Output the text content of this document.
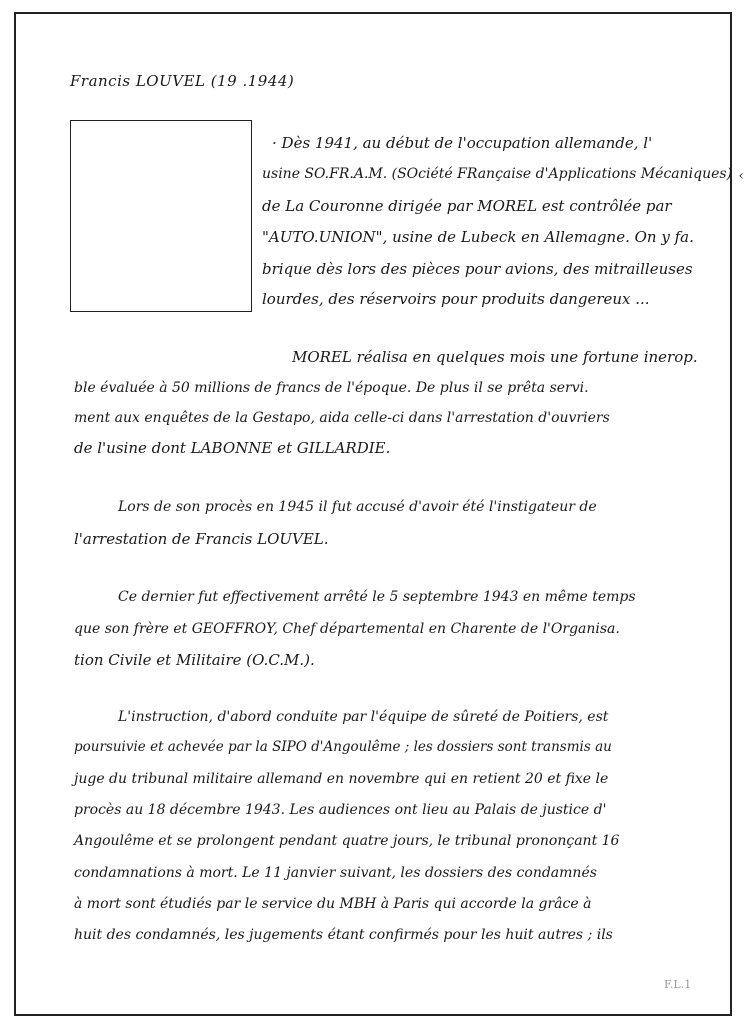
‹
Francis LOUVEL (19 .1944)
· Dès 1941, au début de l'occupation allemande, l'
usine SO.FR.A.M. (SOciété FRançaise d'Applications Mécaniques)
de La Couronne dirigée par MOREL est contrôlée par
"AUTO.UNION", usine de Lubeck en Allemagne. On y fa.
brique dès lors des pièces pour avions, des mitrailleuses
lourdes, des réservoirs pour produits dangereux ...
MOREL réalisa en quelques mois une fortune inerop.
ble évaluée à 50 millions de francs de l'époque. De plus il se prêta servi.
ment aux enquêtes de la Gestapo, aida celle-ci dans l'arrestation d'ouvriers
de l'usine dont LABONNE et GILLARDIE.
Lors de son procès en 1945 il fut accusé d'avoir été l'instigateur de
l'arrestation de Francis LOUVEL.
Ce dernier fut effectivement arrêté le 5 septembre 1943 en même temps
que son frère et GEOFFROY, Chef départemental en Charente de l'Organisa.
tion Civile et Militaire (O.C.M.).
L'instruction, d'abord conduite par l'équipe de sûreté de Poitiers, est
poursuivie et achevée par la SIPO d'Angoulême ; les dossiers sont transmis au
juge du tribunal militaire allemand en novembre qui en retient 20 et fixe le
procès au 18 décembre 1943. Les audiences ont lieu au Palais de justice d'
Angoulême et se prolongent pendant quatre jours, le tribunal prononçant 16
condamnations à mort. Le 11 janvier suivant, les dossiers des condamnés
à mort sont étudiés par le service du MBH à Paris qui accorde la grâce à
huit des condamnés, les jugements étant confirmés pour les huit autres ; ils
F.L.1
